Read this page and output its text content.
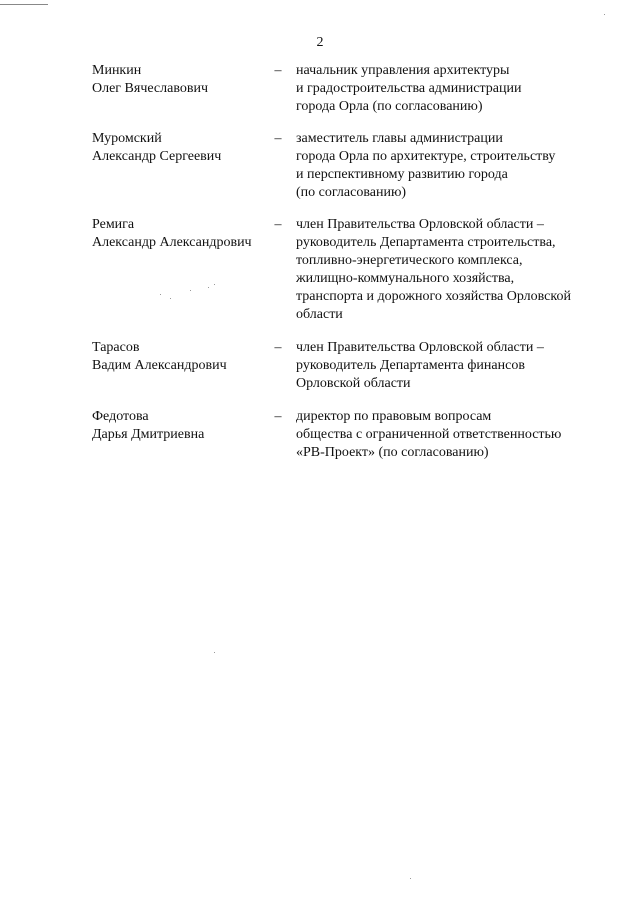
2
Минкин
Олег Вячеславович
– начальник управления архитектуры
и градостроительства администрации
города Орла (по согласованию)
Муромский
Александр Сергеевич
– заместитель главы администрации
города Орла по архитектуре, строительству
и перспективному развитию города
(по согласованию)
Ремига
Александр Александрович
– член Правительства Орловской области –
руководитель Департамента строительства,
топливно-энергетического комплекса,
жилищно-коммунального хозяйства,
транспорта и дорожного хозяйства Орловской
области
Тарасов
Вадим Александрович
– член Правительства Орловской области –
руководитель Департамента финансов
Орловской области
Федотова
Дарья Дмитриевна
– директор по правовым вопросам
общества с ограниченной ответственностью
«РВ-Проект» (по согласованию)
